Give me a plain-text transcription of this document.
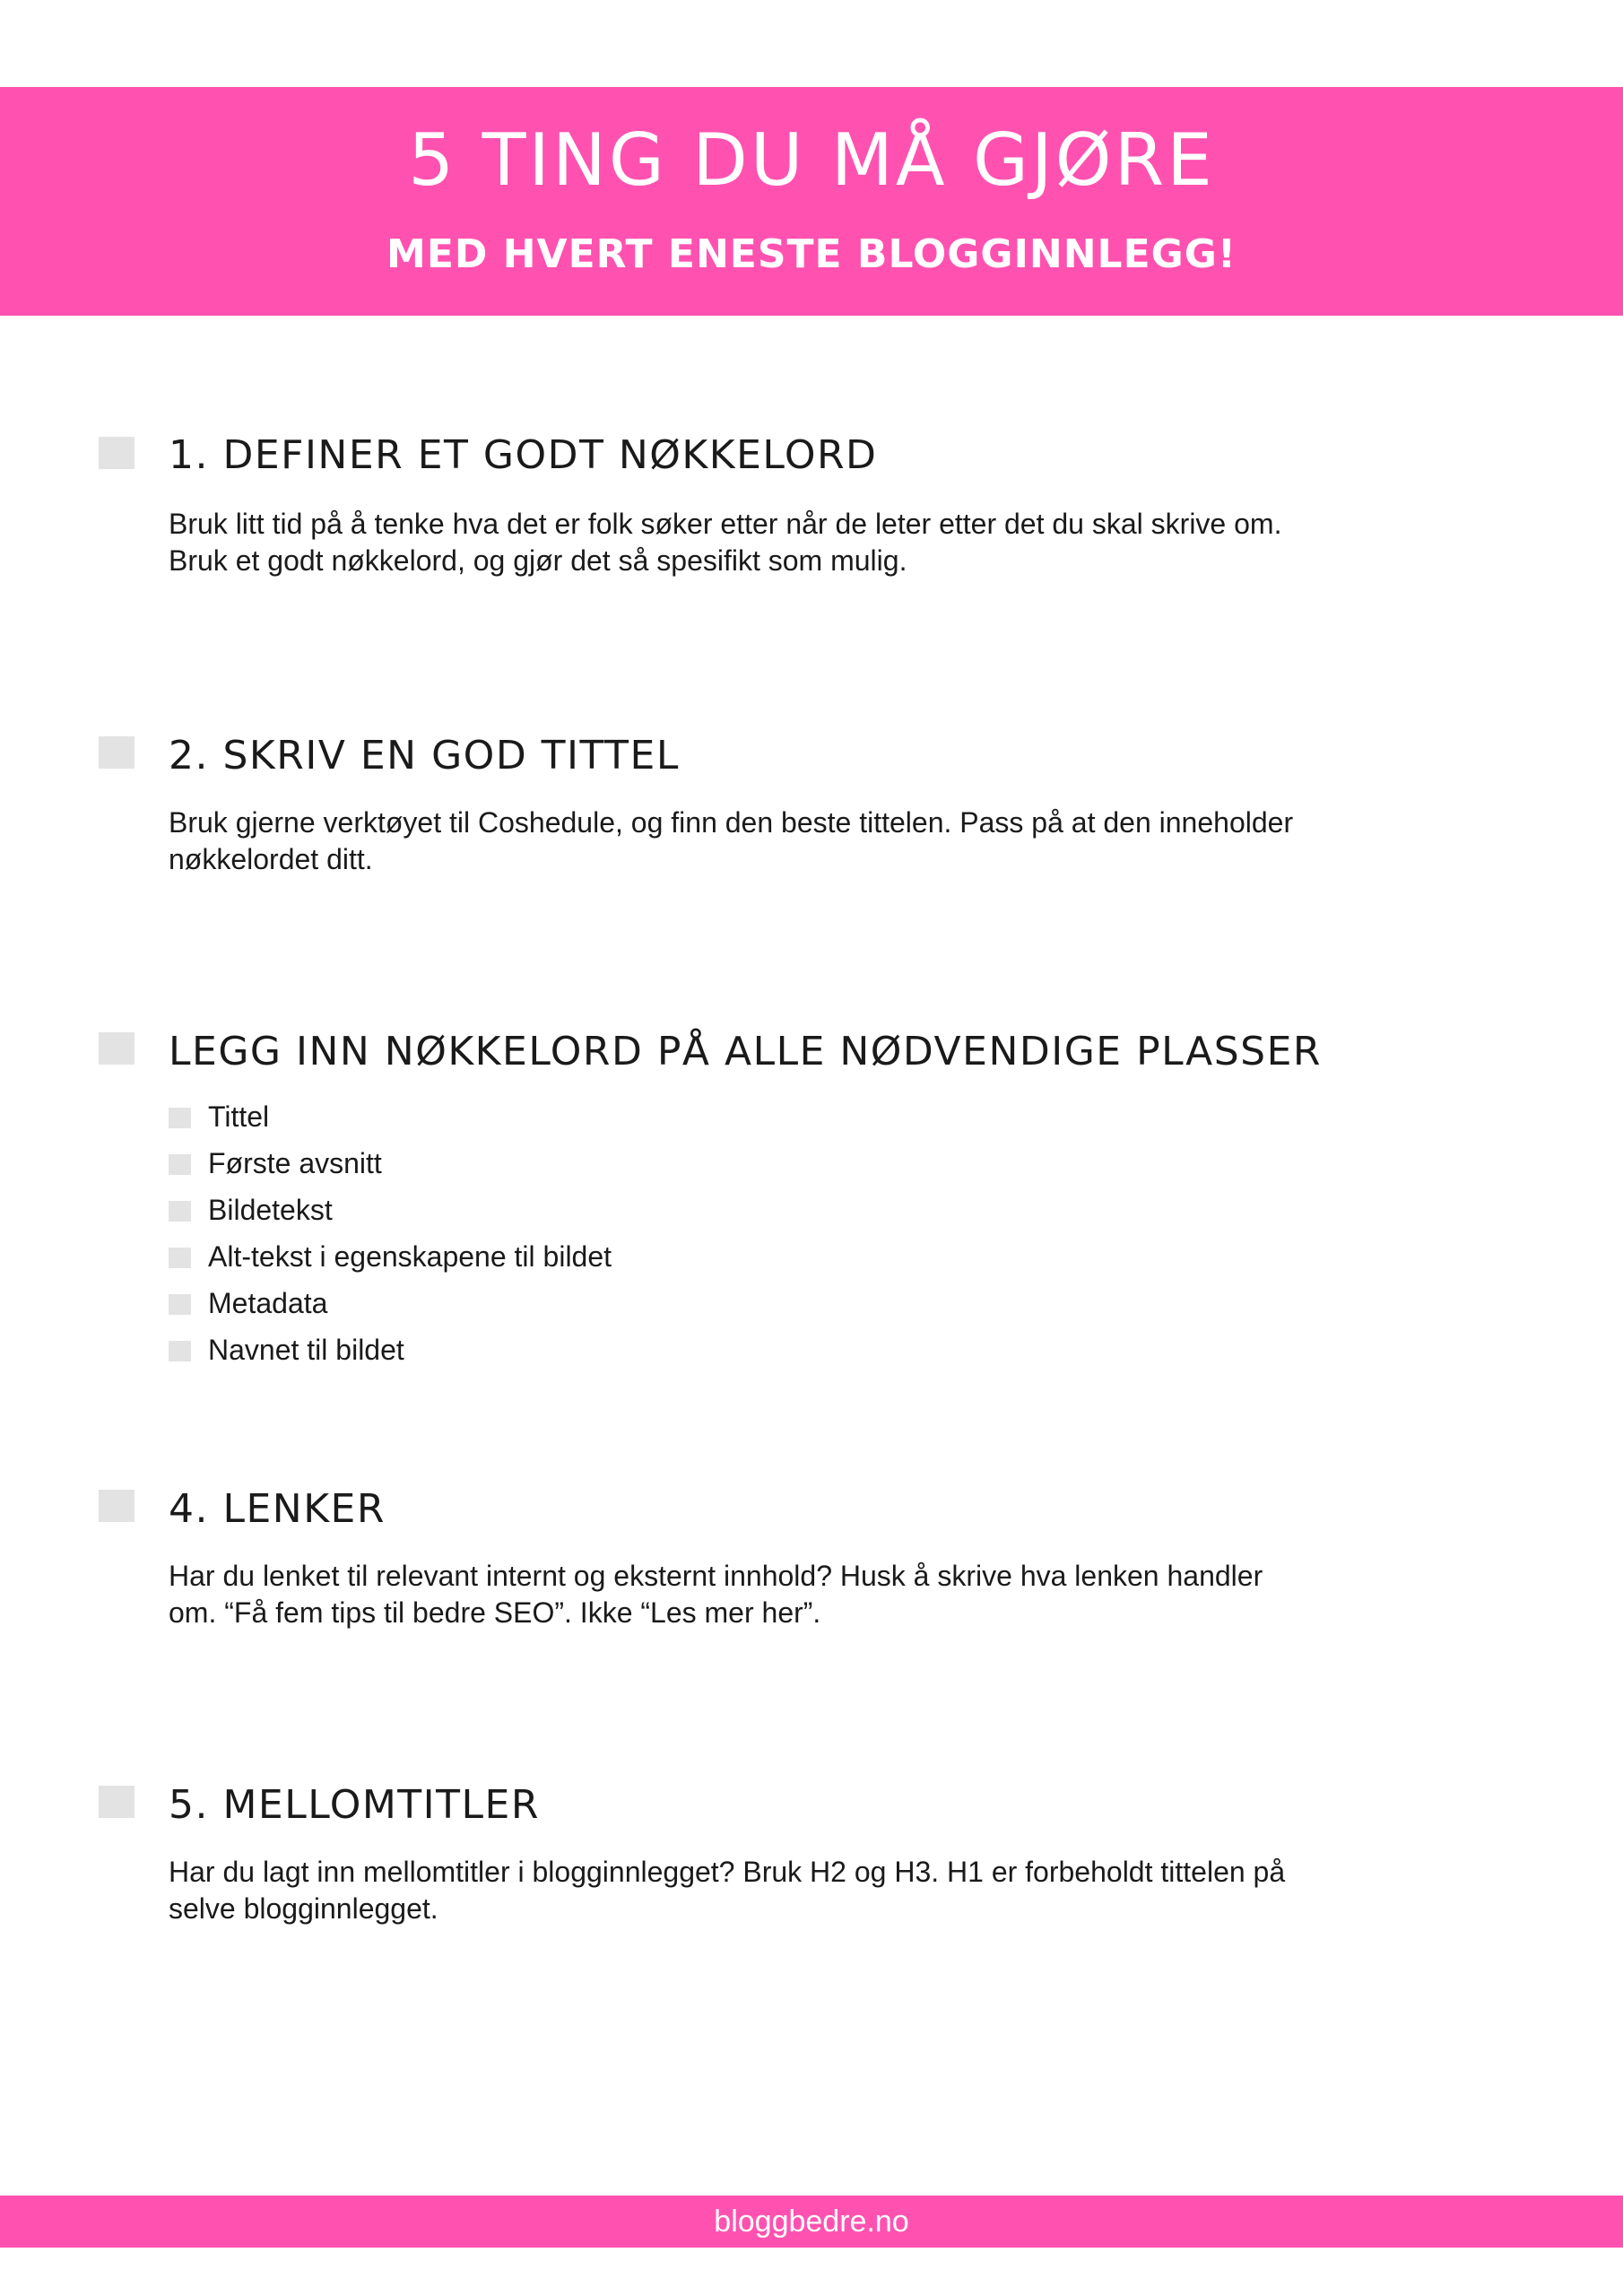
5 TING DU MÅ GJØRE
MED HVERT ENESTE BLOGGINNLEGG!
1. DEFINER ET GODT NØKKELORD
Bruk litt tid på å tenke hva det er folk søker etter når de leter etter det du skal skrive om. Bruk et godt nøkkelord, og gjør det så spesifikt som mulig.
2. SKRIV EN GOD TITTEL
Bruk gjerne verktøyet til Coshedule, og finn den beste tittelen. Pass på at den inneholder nøkkelordet ditt.
LEGG INN NØKKELORD PÅ ALLE NØDVENDIGE PLASSER
Tittel
Første avsnitt
Bildetekst
Alt-tekst i egenskapene til bildet
Metadata
Navnet til bildet
4. LENKER
Har du lenket til relevant internt og eksternt innhold? Husk å skrive hva lenken handler om. “Få fem tips til bedre SEO”. Ikke “Les mer her”.
5. MELLOMTITLER
Har du lagt inn mellomtitler i blogginnlegget? Bruk H2 og H3. H1 er forbeholdt tittelen på selve blogginnlegget.
bloggbedre.no
